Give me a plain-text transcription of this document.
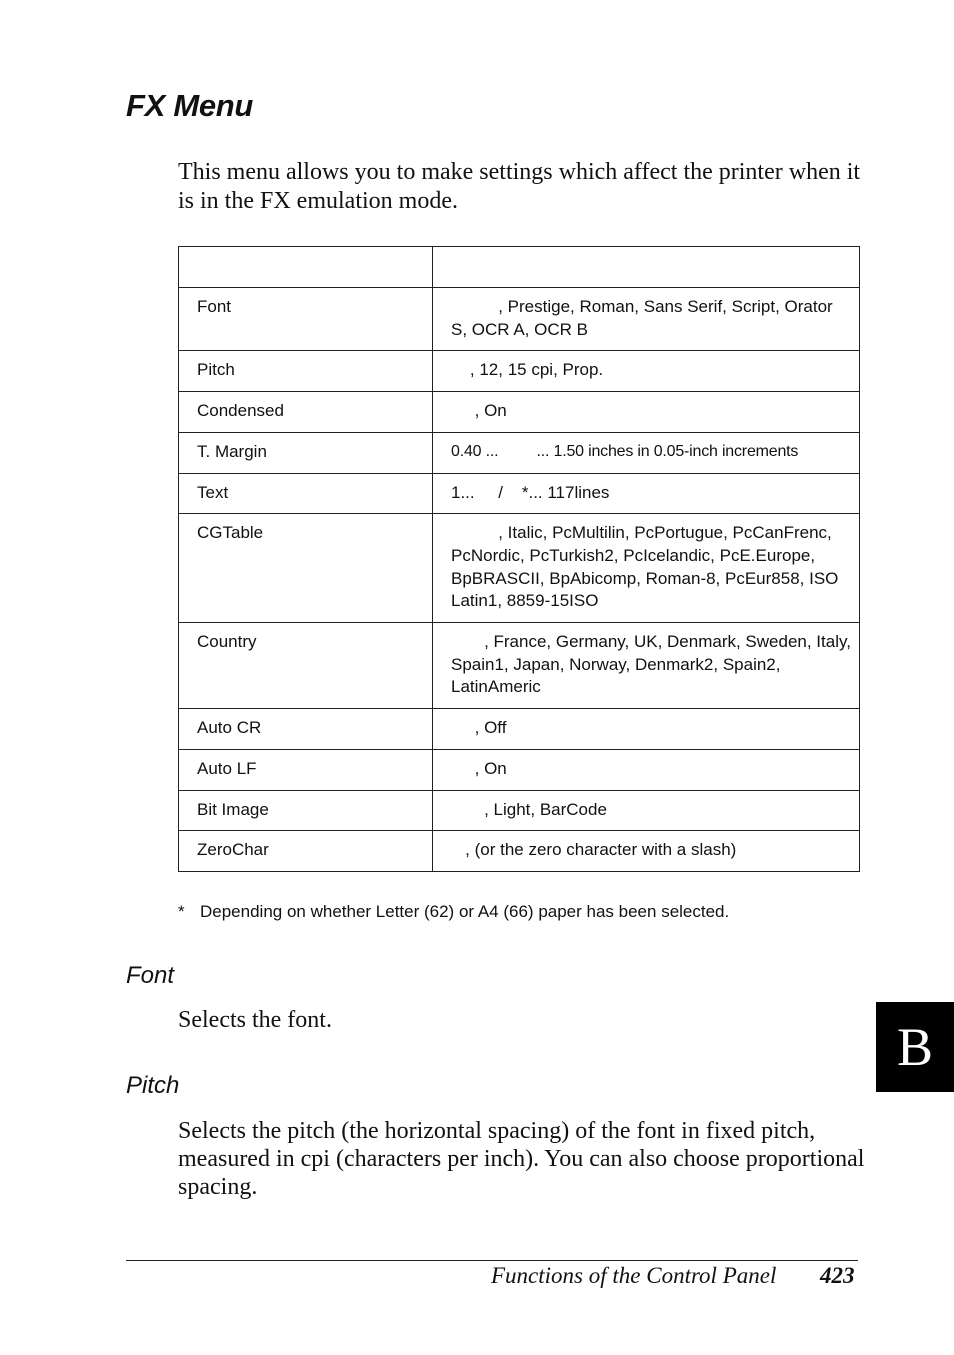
FX Menu

This menu allows you to make settings which affect the printer when it is in the FX emulation mode.

Font	, Prestige, Roman, Sans Serif, Script, Orator S, OCR A, OCR B
Pitch	, 12, 15 cpi, Prop.
Condensed	, On
T. Margin	0.40 ...         ... 1.50 inches in 0.05-inch increments
Text	1...     /    *... 117lines
CGTable	, Italic, PcMultilin, PcPortugue, PcCanFrenc, PcNordic, PcTurkish2, PcIcelandic, PcE.Europe, BpBRASCII, BpAbicomp, Roman-8, PcEur858, ISO Latin1, 8859-15ISO
Country	, France, Germany, UK, Denmark, Sweden, Italy, Spain1, Japan, Norway, Denmark2, Spain2, LatinAmeric
Auto CR	, Off
Auto LF	, On
Bit Image	, Light, BarCode
ZeroChar	, (or the zero character with a slash)

* Depending on whether Letter (62) or A4 (66) paper has been selected.

Font

Selects the font.

Pitch

Selects the pitch (the horizontal spacing) of the font in fixed pitch, measured in cpi (characters per inch). You can also choose proportional spacing.

B

Functions of the Control Panel 423
